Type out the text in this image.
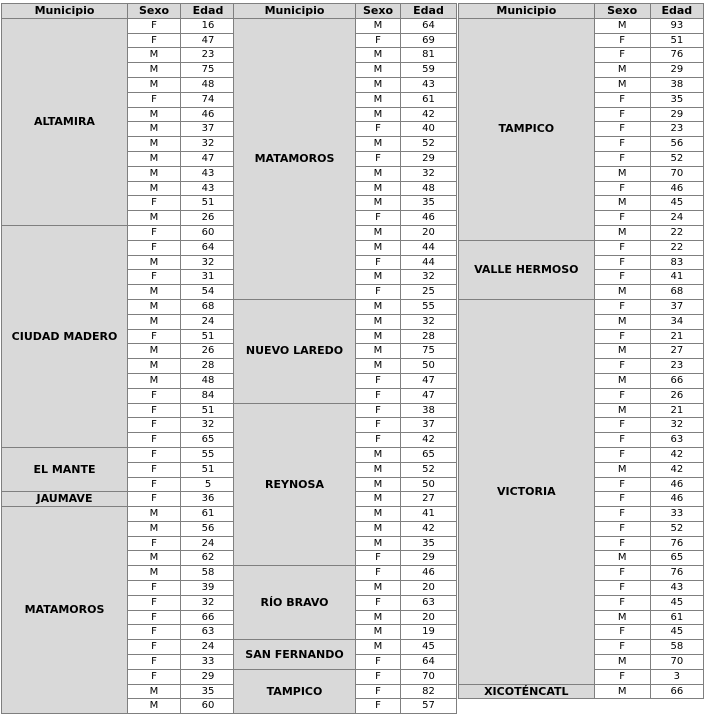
Municipio	Sexo	Edad
ALTAMIRA	F	16
	F	47
	M	23
	M	75
	M	48
	F	74
	M	46
	M	37
	M	32
	M	47
	M	43
	M	43
	F	51
	M	26
CIUDAD MADERO	F	60
	F	64
	M	32
	F	31
	M	54
	M	68
	M	24
	F	51
	M	26
	M	28
	M	48
	F	84
	F	51
	F	32
	F	65
EL MANTE	F	55
	F	51
	F	5
JAUMAVE	F	36
MATAMOROS	M	61
	M	56
	F	24
	M	62
	M	58
	F	39
	F	32
	F	66
	F	63
	F	24
	F	33
	F	29
	M	35
	M	60
Municipio	Sexo	Edad
MATAMOROS	M	64
	F	69
	M	81
	M	59
	M	43
	M	61
	M	42
	F	40
	M	52
	F	29
	M	32
	M	48
	M	35
	F	46
	M	20
	M	44
	F	44
	M	32
	F	25
NUEVO LAREDO	M	55
	M	32
	M	28
	M	75
	M	50
	F	47
	F	47
REYNOSA	F	38
	F	37
	F	42
	M	65
	M	52
	M	50
	M	27
	M	41
	M	42
	M	35
	F	29
RÍO BRAVO	F	46
	M	20
	F	63
	M	20
	M	19
SAN FERNANDO	M	45
	F	64
TAMPICO	F	70
	F	82
	F	57
Municipio	Sexo	Edad
TAMPICO	M	93
	F	51
	F	76
	M	29
	M	38
	F	35
	F	29
	F	23
	F	56
	F	52
	M	70
	F	46
	M	45
	F	24
	M	22
VALLE HERMOSO	F	22
	F	83
	F	41
	M	68
VICTORIA	F	37
	M	34
	F	21
	M	27
	F	23
	M	66
	F	26
	M	21
	F	32
	F	63
	F	42
	M	42
	F	46
	F	46
	F	33
	F	52
	F	76
	M	65
	F	76
	F	43
	F	45
	M	61
	F	45
	F	58
	M	70
	F	3
XICOTÉNCATL	M	66
